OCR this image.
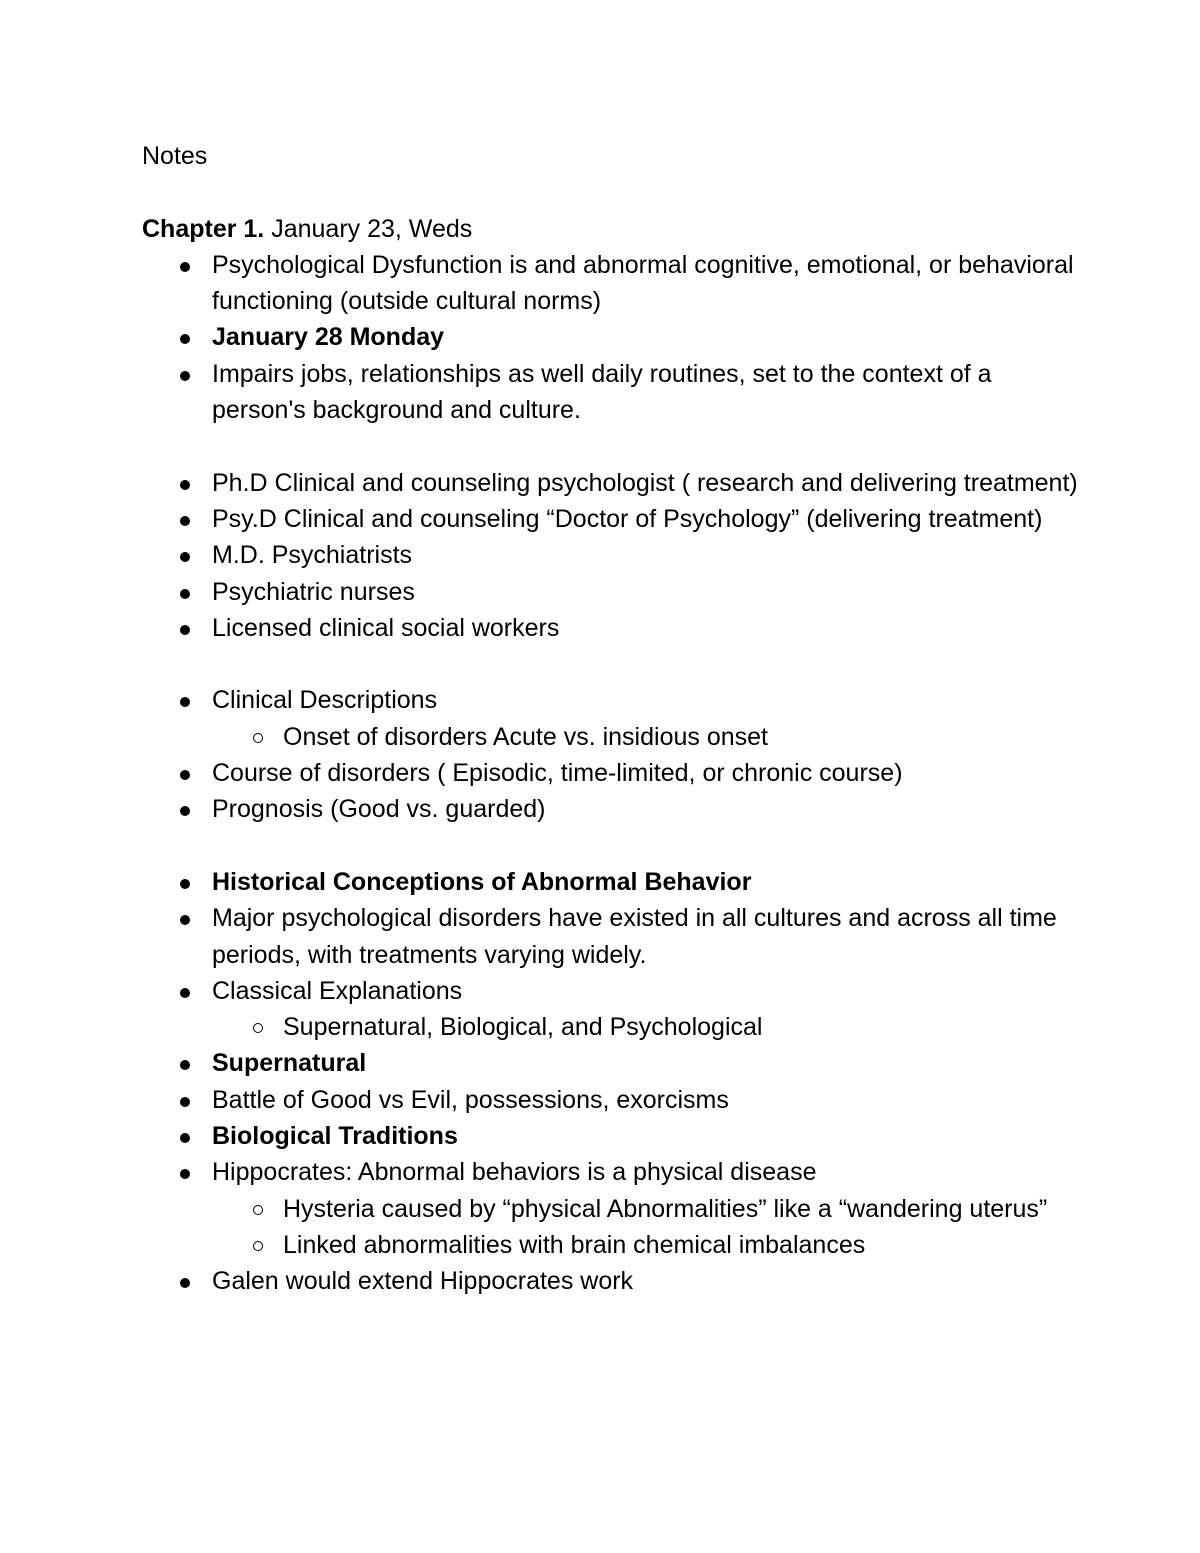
Notes

Chapter 1. January 23, Weds

Psychological Dysfunction is and abnormal cognitive, emotional, or behavioral functioning (outside cultural norms)
January 28 Monday
Impairs jobs, relationships as well daily routines, set to the context of a person's background and culture.
Ph.D Clinical and counseling psychologist ( research and delivering treatment)
Psy.D Clinical and counseling “Doctor of Psychology” (delivering treatment)
M.D. Psychiatrists
Psychiatric nurses
Licensed clinical social workers
Clinical Descriptions
Onset of disorders Acute vs. insidious onset
Course of disorders ( Episodic, time-limited, or chronic course)
Prognosis (Good vs. guarded)
Historical Conceptions of Abnormal Behavior
Major psychological disorders have existed in all cultures and across all time periods, with treatments varying widely.
Classical Explanations
Supernatural, Biological, and Psychological
Supernatural
Battle of Good vs Evil, possessions, exorcisms
Biological Traditions
Hippocrates: Abnormal behaviors is a physical disease
Hysteria caused by “physical Abnormalities” like a “wandering uterus”
Linked abnormalities with brain chemical imbalances
Galen would extend Hippocrates work
